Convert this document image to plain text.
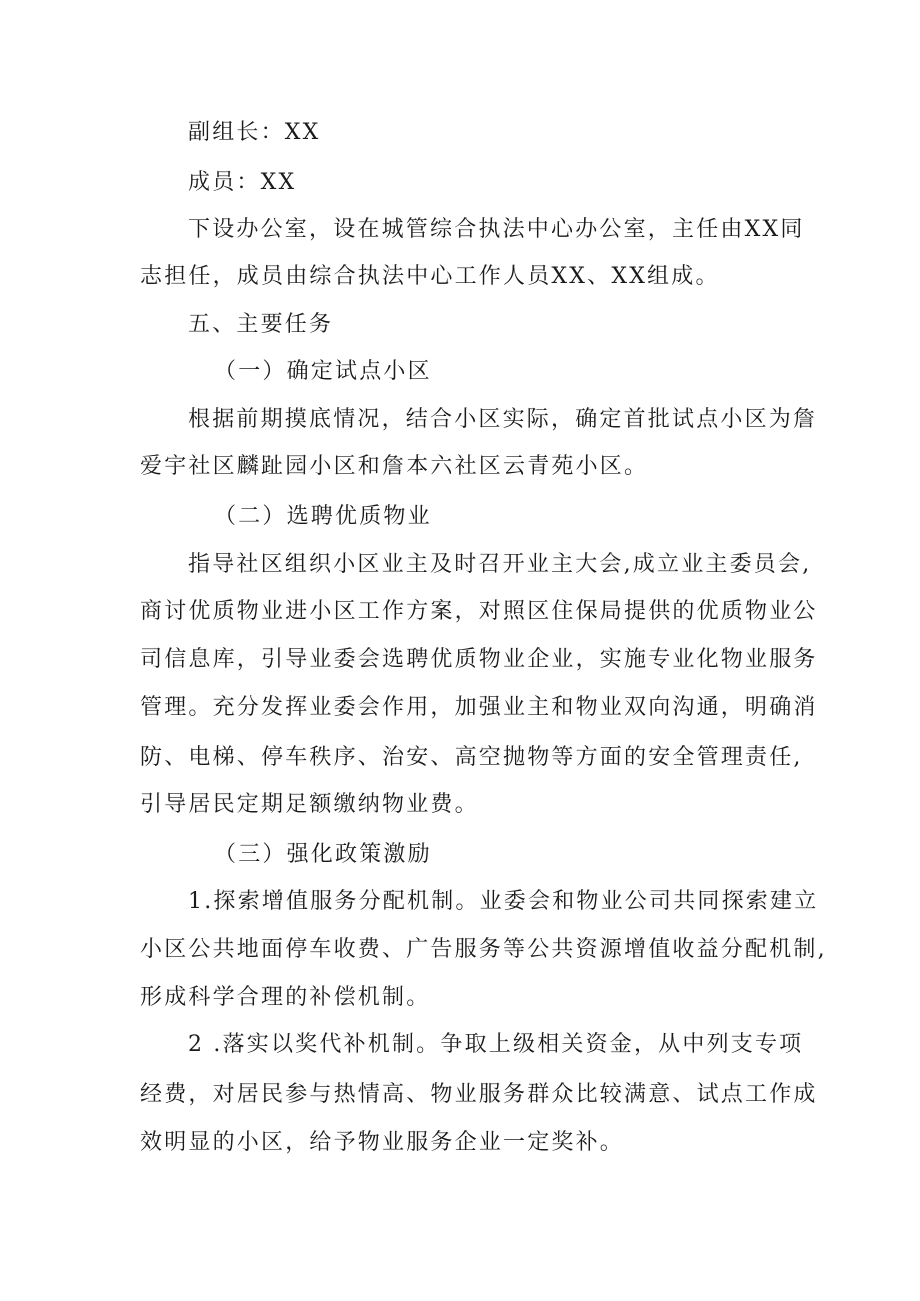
副组长：XX
成员：XX
下设办公室，设在城管综合执法中心办公室，主任由XX同
志担任，成员由综合执法中心工作人员XX、XX组成。
五、主要任务
（一）确定试点小区
根据前期摸底情况，结合小区实际，确定首批试点小区为詹
爱宇社区麟趾园小区和詹本六社区云青苑小区。
（二）选聘优质物业
指导社区组织小区业主及时召开业主大会,成立业主委员会,
商讨优质物业进小区工作方案，对照区住保局提供的优质物业公
司信息库，引导业委会选聘优质物业企业，实施专业化物业服务
管理。充分发挥业委会作用，加强业主和物业双向沟通，明确消
防、电梯、停车秩序、治安、高空抛物等方面的安全管理责任,
引导居民定期足额缴纳物业费。
（三）强化政策激励
1.探索增值服务分配机制。业委会和物业公司共同探索建立
小区公共地面停车收费、广告服务等公共资源增值收益分配机制,
形成科学合理的补偿机制。
2 .落实以奖代补机制。争取上级相关资金，从中列支专项
经费，对居民参与热情高、物业服务群众比较满意、试点工作成
效明显的小区，给予物业服务企业一定奖补。
